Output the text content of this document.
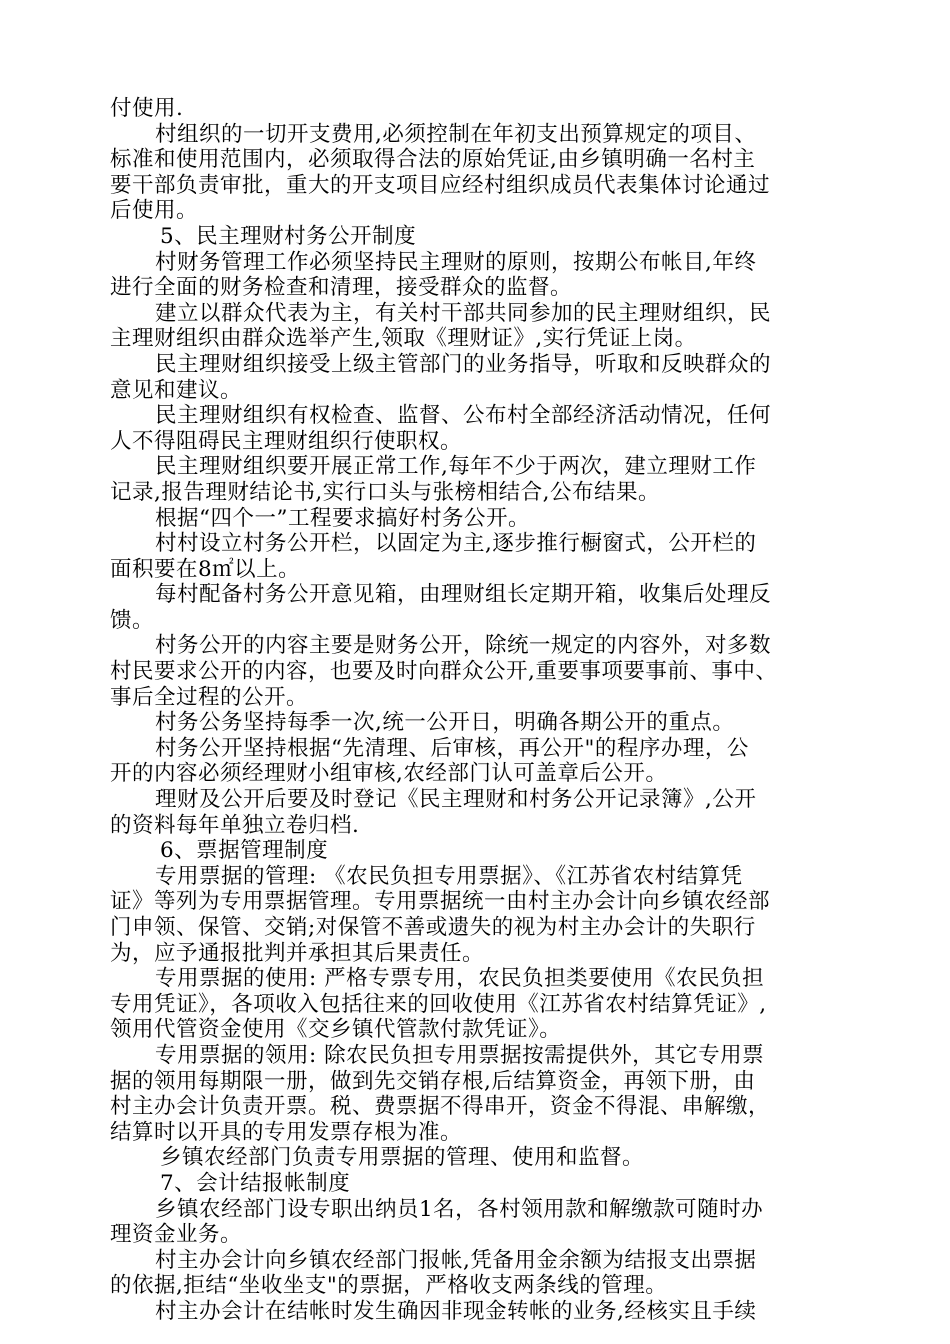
付使用.
村组织的一切开支费用,必须控制在年初支出预算规定的项目、
标准和使用范围内，必须取得合法的原始凭证,由乡镇明确一名村主
要干部负责审批，重大的开支项目应经村组织成员代表集体讨论通过
后使用。
5、民主理财村务公开制度
村财务管理工作必须坚持民主理财的原则，按期公布帐目,年终
进行全面的财务检查和清理，接受群众的监督。
建立以群众代表为主，有关村干部共同参加的民主理财组织，民
主理财组织由群众选举产生,领取《理财证》,实行凭证上岗。
民主理财组织接受上级主管部门的业务指导，听取和反映群众的
意见和建议。
民主理财组织有权检查、监督、公布村全部经济活动情况，任何
人不得阻碍民主理财组织行使职权。
民主理财组织要开展正常工作,每年不少于两次，建立理财工作
记录,报告理财结论书,实行口头与张榜相结合,公布结果。
根据“四个一”工程要求搞好村务公开。
村村设立村务公开栏，以固定为主,逐步推行橱窗式，公开栏的
面积要在8㎡以上。
每村配备村务公开意见箱，由理财组长定期开箱，收集后处理反
馈。
村务公开的内容主要是财务公开，除统一规定的内容外，对多数
村民要求公开的内容，也要及时向群众公开,重要事项要事前、事中、
事后全过程的公开。
村务公务坚持每季一次,统一公开日，明确各期公开的重点。
村务公开坚持根据“先清理、后审核，再公开"的程序办理，公
开的内容必须经理财小组审核,农经部门认可盖章后公开。
理财及公开后要及时登记《民主理财和村务公开记录簿》,公开
的资料每年单独立卷归档.
6、票据管理制度
专用票据的管理: 《农民负担专用票据》、《江苏省农村结算凭
证》等列为专用票据管理。专用票据统一由村主办会计向乡镇农经部
门申领、保管、交销;对保管不善或遗失的视为村主办会计的失职行
为，应予通报批判并承担其后果责任。
专用票据的使用: 严格专票专用，农民负担类要使用《农民负担
专用凭证》，各项收入包括往来的回收使用《江苏省农村结算凭证》,
领用代管资金使用《交乡镇代管款付款凭证》。
专用票据的领用: 除农民负担专用票据按需提供外，其它专用票
据的领用每期限一册，做到先交销存根,后结算资金，再领下册，由
村主办会计负责开票。税、费票据不得串开，资金不得混、串解缴，
结算时以开具的专用发票存根为准。
乡镇农经部门负责专用票据的管理、使用和监督。
7、会计结报帐制度
乡镇农经部门设专职出纳员1名，各村领用款和解缴款可随时办
理资金业务。
村主办会计向乡镇农经部门报帐,凭备用金余额为结报支出票据
的依据,拒结“坐收坐支"的票据，严格收支两条线的管理。
村主办会计在结帐时发生确因非现金转帐的业务,经核实且手续
